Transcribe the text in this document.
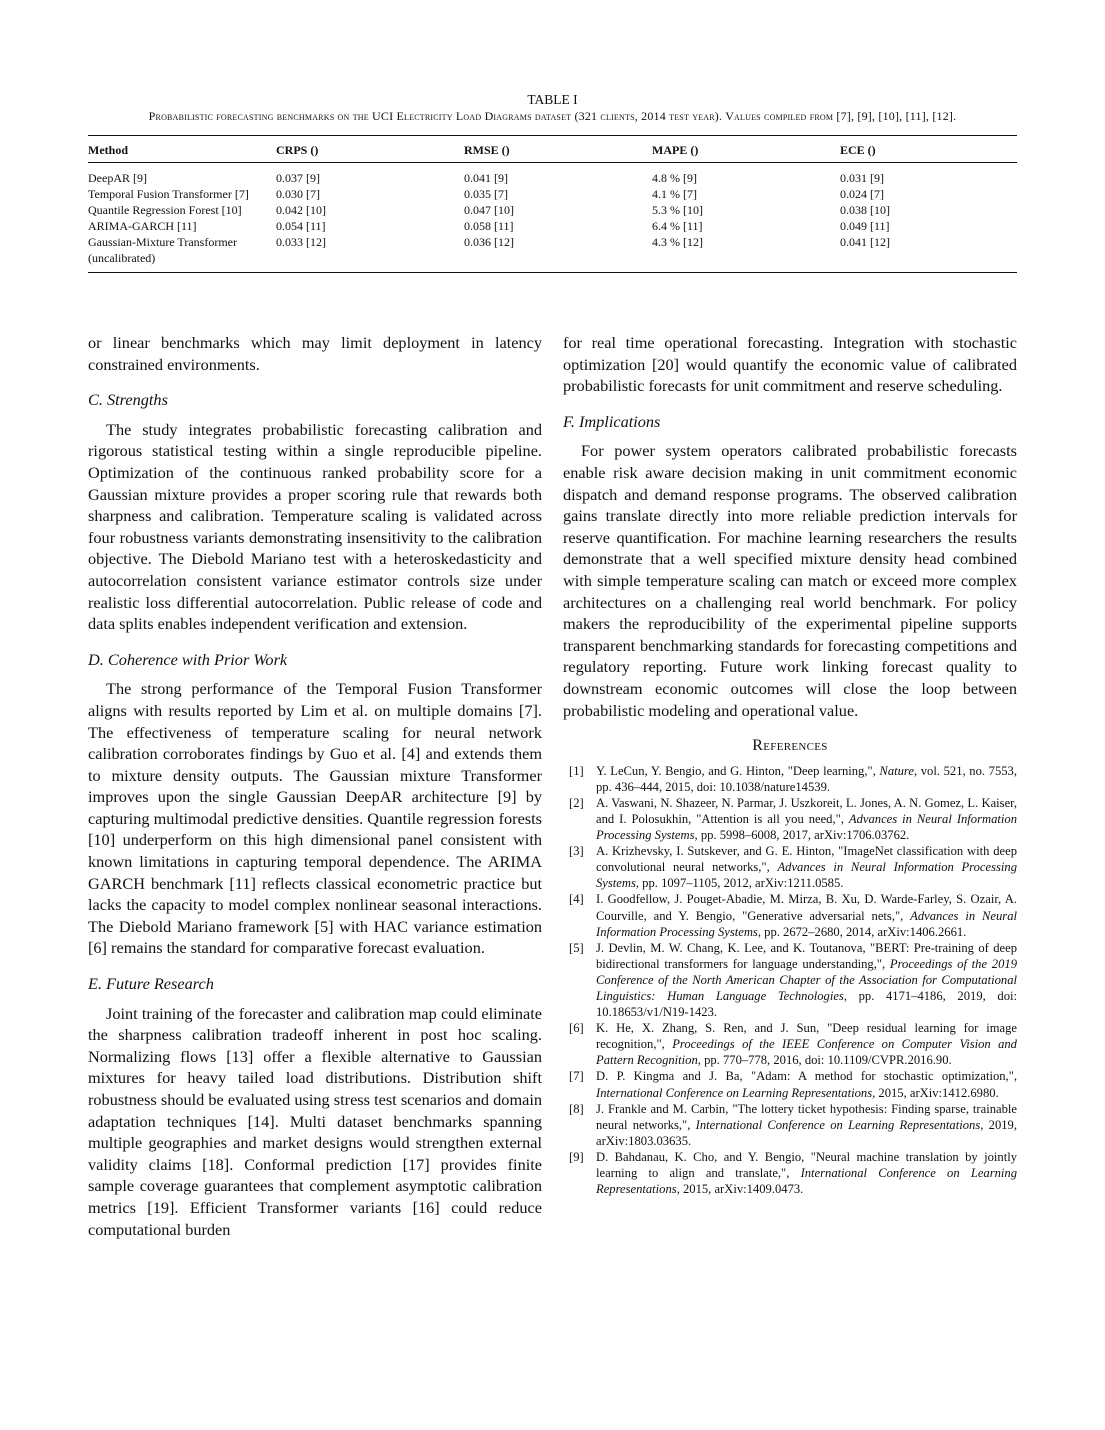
TABLE I
Probabilistic forecasting benchmarks on the UCI Electricity Load Diagrams dataset (321 clients, 2014 test year). Values compiled from [7], [9], [10], [11], [12].
Method	CRPS ()	RMSE ()	MAPE ()	ECE ()
DeepAR [9]	0.037 [9]	0.041 [9]	4.8 % [9]	0.031 [9]
Temporal Fusion Transformer [7]	0.030 [7]	0.035 [7]	4.1 % [7]	0.024 [7]
Quantile Regression Forest [10]	0.042 [10]	0.047 [10]	5.3 % [10]	0.038 [10]
ARIMA-GARCH [11]	0.054 [11]	0.058 [11]	6.4 % [11]	0.049 [11]
Gaussian-Mixture Transformer (uncalibrated)	0.033 [12]	0.036 [12]	4.3 % [12]	0.041 [12]

or linear benchmarks which may limit deployment in latency constrained environments.

C. Strengths

The study integrates probabilistic forecasting calibration and rigorous statistical testing within a single reproducible pipeline. Optimization of the continuous ranked probability score for a Gaussian mixture provides a proper scoring rule that rewards both sharpness and calibration. Temperature scaling is validated across four robustness variants demonstrating insensitivity to the calibration objective. The Diebold Mariano test with a heteroskedasticity and autocorrelation consistent variance estimator controls size under realistic loss differential autocorrelation. Public release of code and data splits enables independent verification and extension.

D. Coherence with Prior Work

The strong performance of the Temporal Fusion Transformer aligns with results reported by Lim et al. on multiple domains [7]. The effectiveness of temperature scaling for neural network calibration corroborates findings by Guo et al. [4] and extends them to mixture density outputs. The Gaussian mixture Transformer improves upon the single Gaussian DeepAR architecture [9] by capturing multimodal predictive densities. Quantile regression forests [10] underperform on this high dimensional panel consistent with known limitations in capturing temporal dependence. The ARIMA GARCH benchmark [11] reflects classical econometric practice but lacks the capacity to model complex nonlinear seasonal interactions. The Diebold Mariano framework [5] with HAC variance estimation [6] remains the standard for comparative forecast evaluation.

E. Future Research

Joint training of the forecaster and calibration map could eliminate the sharpness calibration tradeoff inherent in post hoc scaling. Normalizing flows [13] offer a flexible alternative to Gaussian mixtures for heavy tailed load distributions. Distribution shift robustness should be evaluated using stress test scenarios and domain adaptation techniques [14]. Multi dataset benchmarks spanning multiple geographies and market designs would strengthen external validity claims [18]. Conformal prediction [17] provides finite sample coverage guarantees that complement asymptotic calibration metrics [19]. Efficient Transformer variants [16] could reduce computational burden

for real time operational forecasting. Integration with stochastic optimization [20] would quantify the economic value of calibrated probabilistic forecasts for unit commitment and reserve scheduling.

F. Implications

For power system operators calibrated probabilistic forecasts enable risk aware decision making in unit commitment economic dispatch and demand response programs. The observed calibration gains translate directly into more reliable prediction intervals for reserve quantification. For machine learning researchers the results demonstrate that a well specified mixture density head combined with simple temperature scaling can match or exceed more complex architectures on a challenging real world benchmark. For policy makers the reproducibility of the experimental pipeline supports transparent benchmarking standards for forecasting competitions and regulatory reporting. Future work linking forecast quality to downstream economic outcomes will close the loop between probabilistic modeling and operational value.

References
[1] Y. LeCun, Y. Bengio, and G. Hinton, "Deep learning,", Nature, vol. 521, no. 7553, pp. 436–444, 2015, doi: 10.1038/nature14539.
[2] A. Vaswani, N. Shazeer, N. Parmar, J. Uszkoreit, L. Jones, A. N. Gomez, L. Kaiser, and I. Polosukhin, "Attention is all you need,", Advances in Neural Information Processing Systems, pp. 5998–6008, 2017, arXiv:1706.03762.
[3] A. Krizhevsky, I. Sutskever, and G. E. Hinton, "ImageNet classification with deep convolutional neural networks,", Advances in Neural Information Processing Systems, pp. 1097–1105, 2012, arXiv:1211.0585.
[4] I. Goodfellow, J. Pouget-Abadie, M. Mirza, B. Xu, D. Warde-Farley, S. Ozair, A. Courville, and Y. Bengio, "Generative adversarial nets,", Advances in Neural Information Processing Systems, pp. 2672–2680, 2014, arXiv:1406.2661.
[5] J. Devlin, M. W. Chang, K. Lee, and K. Toutanova, "BERT: Pre-training of deep bidirectional transformers for language understanding,", Proceedings of the 2019 Conference of the North American Chapter of the Association for Computational Linguistics: Human Language Technologies, pp. 4171–4186, 2019, doi: 10.18653/v1/N19-1423.
[6] K. He, X. Zhang, S. Ren, and J. Sun, "Deep residual learning for image recognition,", Proceedings of the IEEE Conference on Computer Vision and Pattern Recognition, pp. 770–778, 2016, doi: 10.1109/CVPR.2016.90.
[7] D. P. Kingma and J. Ba, "Adam: A method for stochastic optimization,", International Conference on Learning Representations, 2015, arXiv:1412.6980.
[8] J. Frankle and M. Carbin, "The lottery ticket hypothesis: Finding sparse, trainable neural networks,", International Conference on Learning Representations, 2019, arXiv:1803.03635.
[9] D. Bahdanau, K. Cho, and Y. Bengio, "Neural machine translation by jointly learning to align and translate,", International Conference on Learning Representations, 2015, arXiv:1409.0473.
